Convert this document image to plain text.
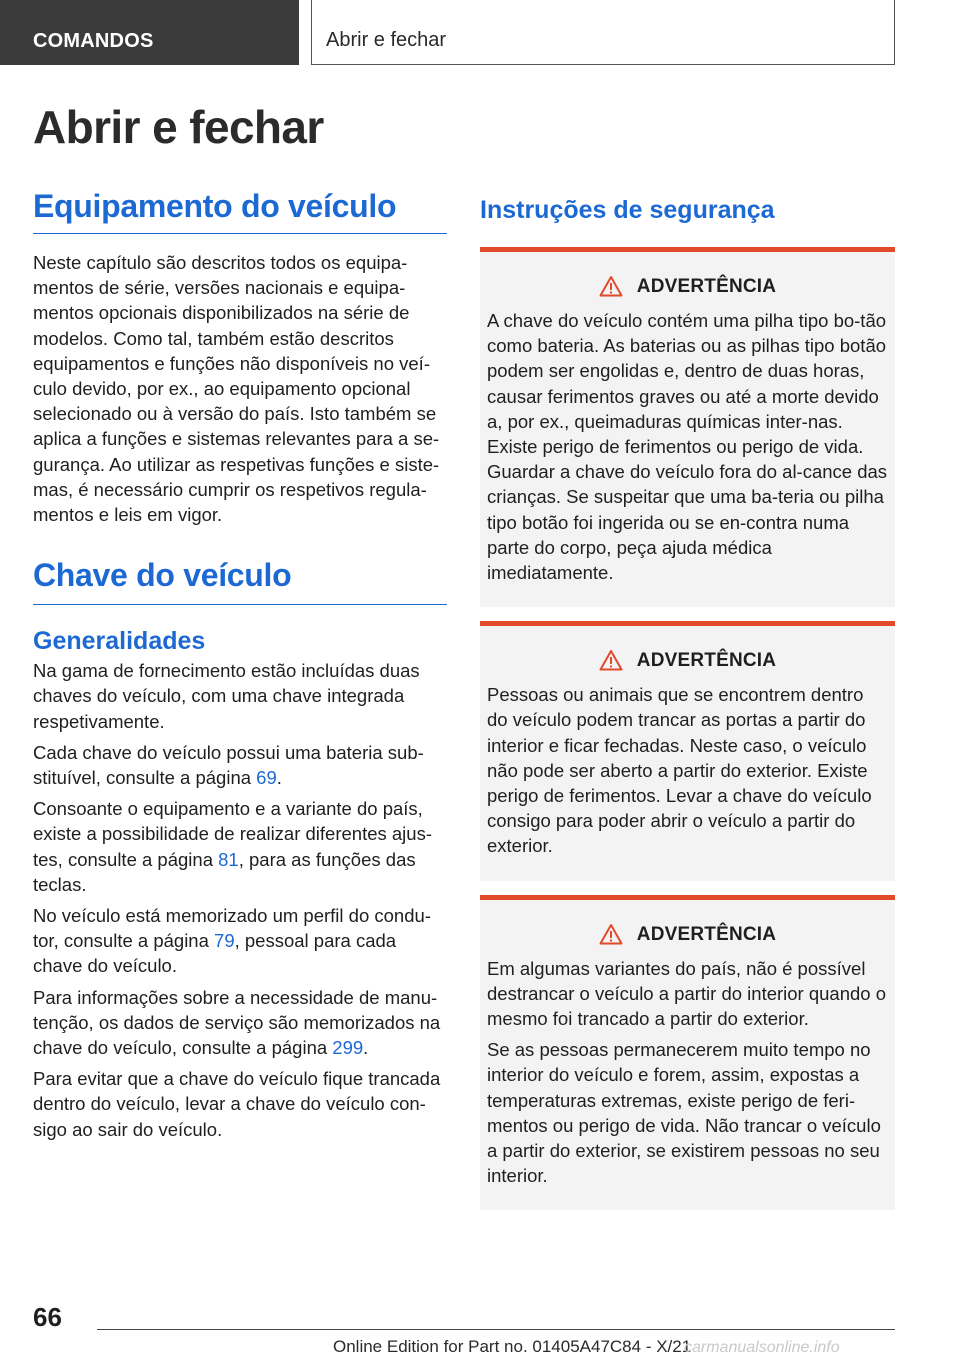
COMANDOS	Abrir e fechar
Abrir e fechar
Equipamento do veículo

Neste capítulo são descritos todos os equipa-mentos de série, versões nacionais e equipa-mentos opcionais disponibilizados na série de modelos. Como tal, também estão descritos equipamentos e funções não disponíveis no veí-culo devido, por ex., ao equipamento opcional selecionado ou à versão do país. Isto também se aplica a funções e sistemas relevantes para a se-gurança. Ao utilizar as respetivas funções e siste-mas, é necessário cumprir os respetivos regula-mentos e leis em vigor.

Chave do veículo
Generalidades

Na gama de fornecimento estão incluídas duas chaves do veículo, com uma chave integrada respetivamente.

Cada chave do veículo possui uma bateria sub-stituível, consulte a página 69.

Consoante o equipamento e a variante do país, existe a possibilidade de realizar diferentes ajus-tes, consulte a página 81, para as funções das teclas.

No veículo está memorizado um perfil do condu-tor, consulte a página 79, pessoal para cada chave do veículo.

Para informações sobre a necessidade de manu-tenção, os dados de serviço são memorizados na chave do veículo, consulte a página 299.

Para evitar que a chave do veículo fique trancada dentro do veículo, levar a chave do veículo con-sigo ao sair do veículo.

Instruções de segurança
ADVERTÊNCIA

A chave do veículo contém uma pilha tipo bo-tão como bateria. As baterias ou as pilhas tipo botão podem ser engolidas e, dentro de duas horas, causar ferimentos graves ou até a morte devido a, por ex., queimaduras químicas inter-nas. Existe perigo de ferimentos ou perigo de vida. Guardar a chave do veículo fora do al-cance das crianças. Se suspeitar que uma ba-teria ou pilha tipo botão foi ingerida ou se en-contra numa parte do corpo, peça ajuda médica imediatamente.

ADVERTÊNCIA

Pessoas ou animais que se encontrem dentro do veículo podem trancar as portas a partir do interior e ficar fechadas. Neste caso, o veículo não pode ser aberto a partir do exterior. Existe perigo de ferimentos. Levar a chave do veículo consigo para poder abrir o veículo a partir do exterior.

ADVERTÊNCIA

Em algumas variantes do país, não é possível destrancar o veículo a partir do interior quando o mesmo foi trancado a partir do exterior.

Se as pessoas permanecerem muito tempo no interior do veículo e forem, assim, expostas a temperaturas extremas, existe perigo de feri-mentos ou perigo de vida. Não trancar o veículo a partir do exterior, se existirem pessoas no seu interior.

66
Online Edition for Part no. 01405A47C84 - X/21
carmanualsonline.info
